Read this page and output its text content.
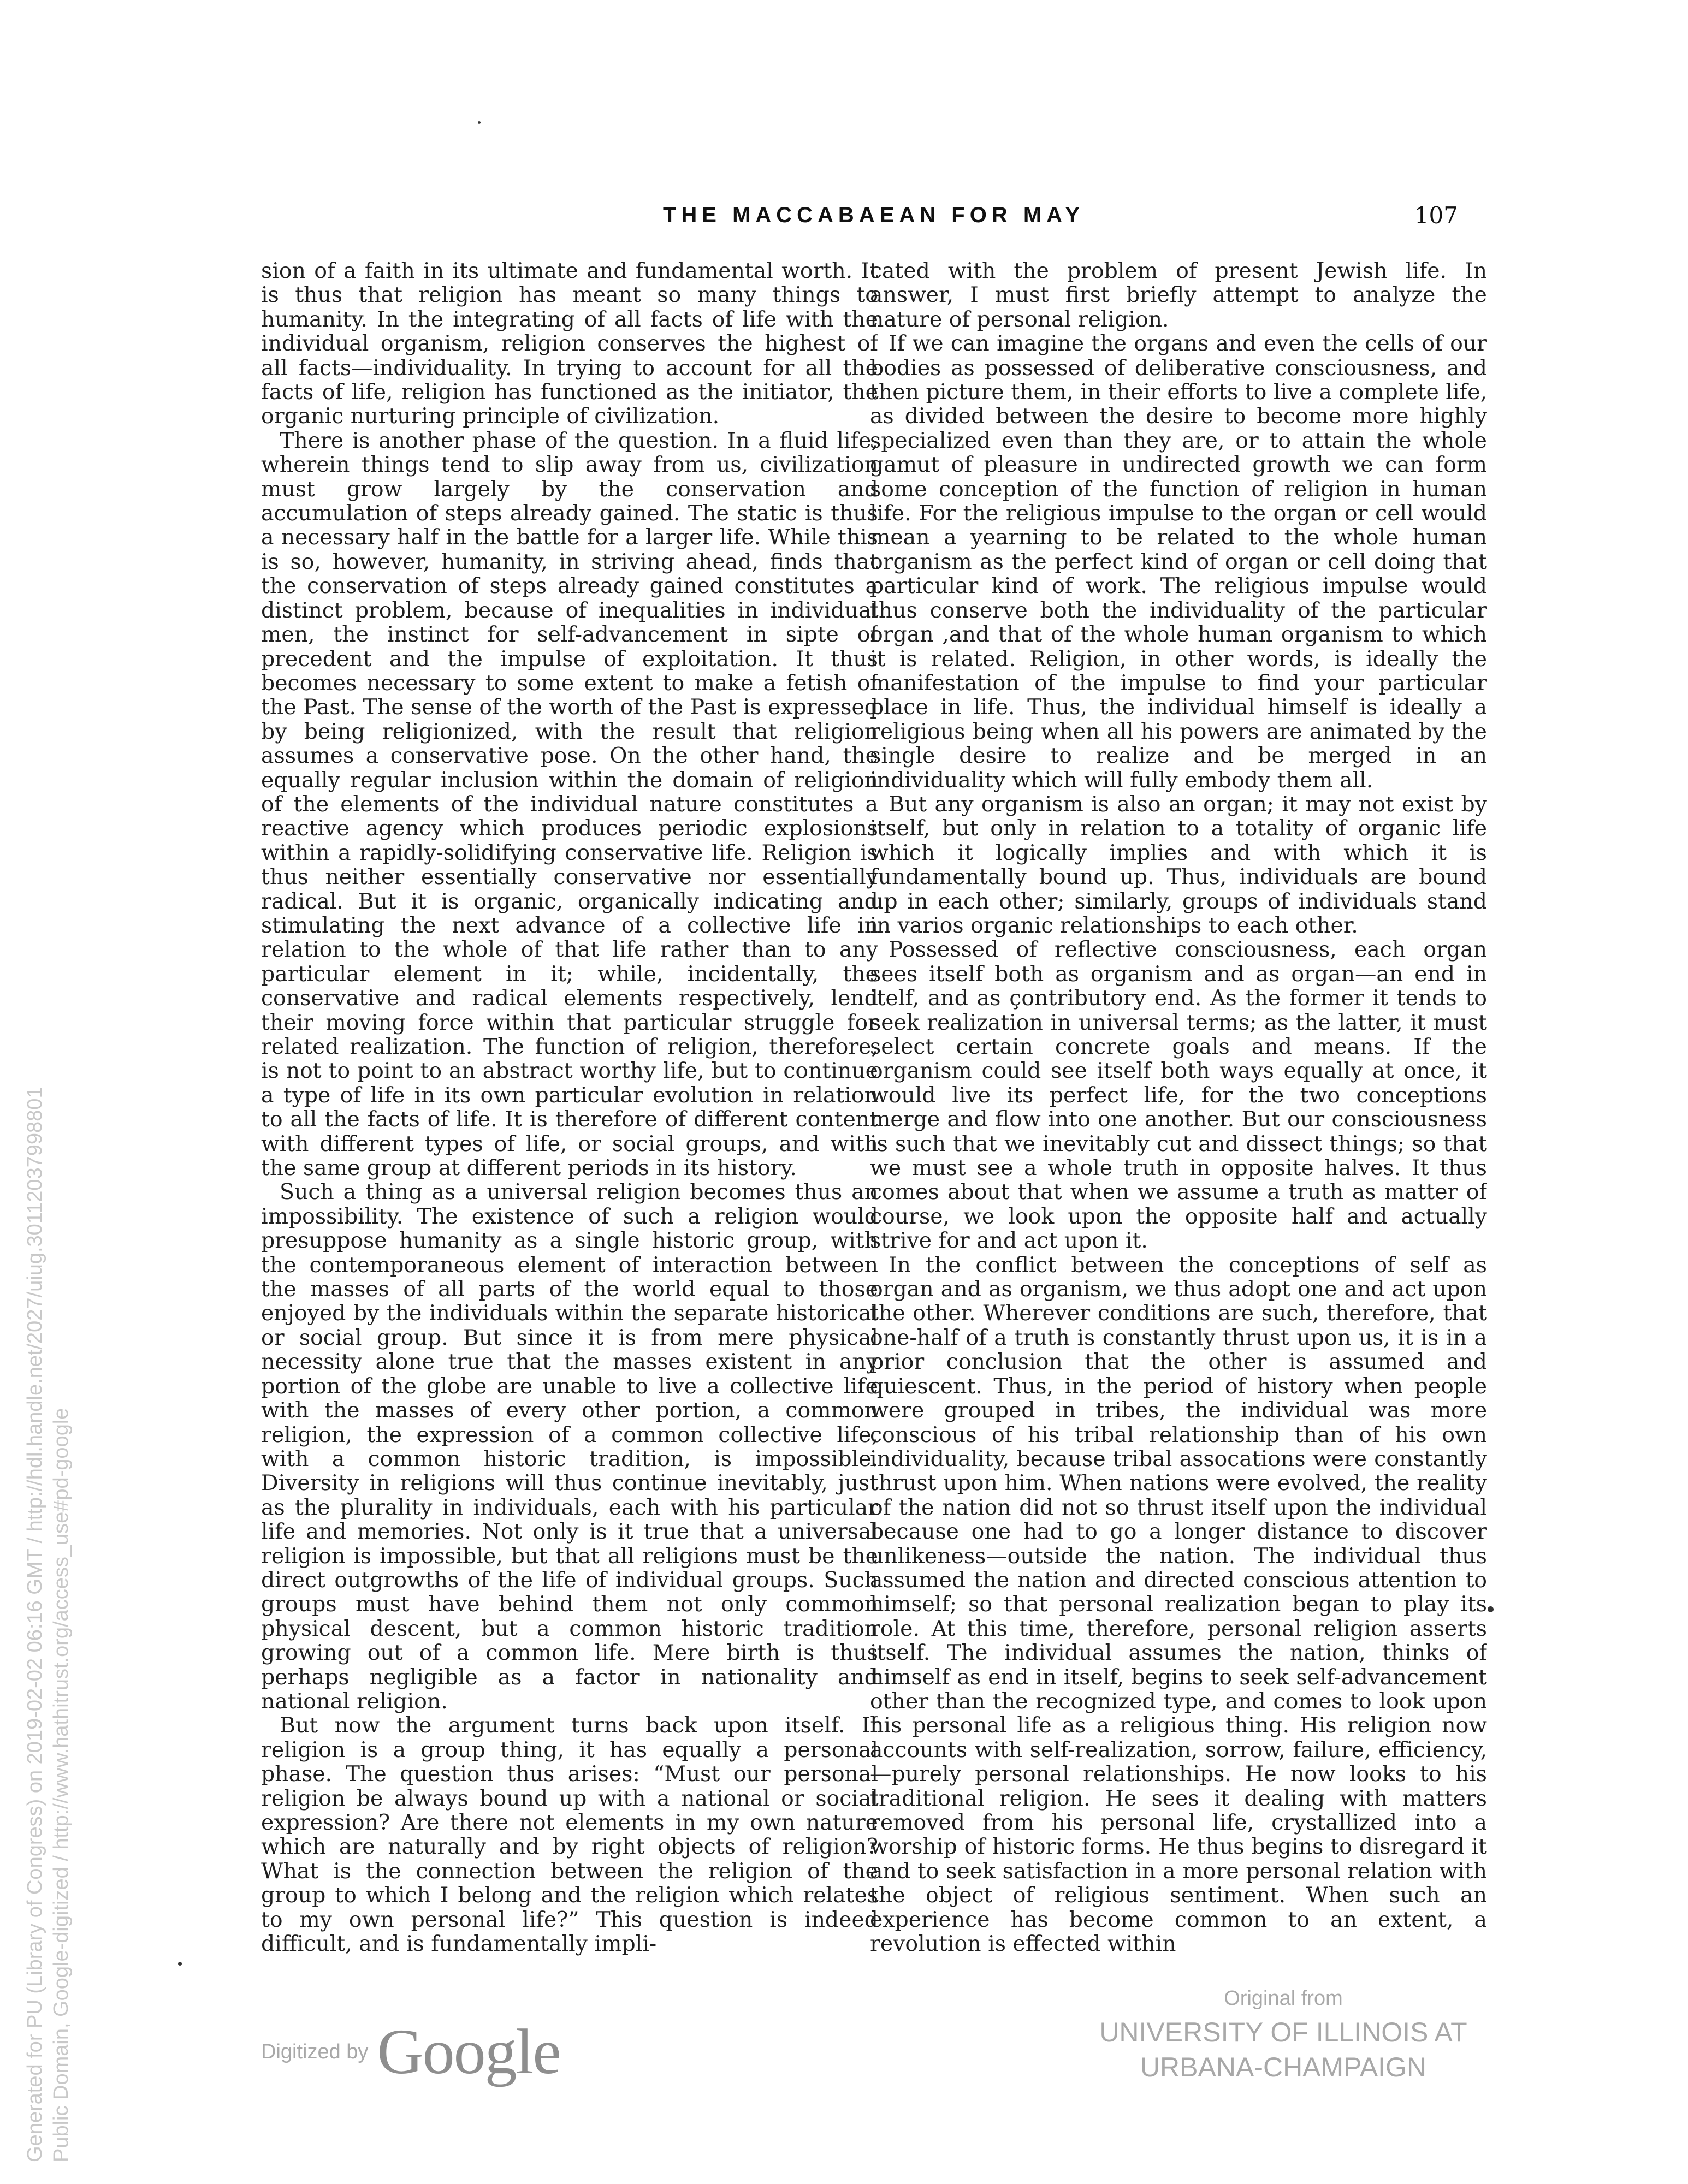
THE MACCABAEAN FOR MAY	107

sion of a faith in its ultimate and fundamental worth. It is thus that religion has meant so many things to humanity. In the integrating of all facts of life with the individual organism, religion conserves the highest of all facts—individuality. In trying to account for all the facts of life, religion has functioned as the initiator, the organic nurturing principle of civilization.

There is another phase of the question. In a fluid life, wherein things tend to slip away from us, civilization must grow largely by the conservation and accumulation of steps already gained. The static is thus a necessary half in the battle for a larger life. While this is so, however, humanity, in striving ahead, finds that the conservation of steps already gained constitutes a distinct problem, because of inequalities in individual men, the instinct for self-advancement in sipte of precedent and the impulse of exploitation. It thus becomes necessary to some extent to make a fetish of the Past. The sense of the worth of the Past is expressed by being religionized, with the result that religion assumes a conservative pose. On the other hand, the equally regular inclusion within the domain of religion of the elements of the individual nature constitutes a reactive agency which produces periodic explosions within a rapidly-solidifying conservative life. Religion is thus neither essentially conservative nor essentially radical. But it is organic, organically indicating and stimulating the next advance of a collective life in relation to the whole of that life rather than to any particular element in it; while, incidentally, the conservative and radical elements respectively, lend their moving force within that particular struggle for related realization. The function of religion, therefore, is not to point to an abstract worthy life, but to continue a type of life in its own particular evolution in relation to all the facts of life. It is therefore of different content with different types of life, or social groups, and with the same group at different periods in its history.

Such a thing as a universal religion becomes thus an impossibility. The existence of such a religion would presuppose humanity as a single historic group, with the contemporaneous element of interaction between the masses of all parts of the world equal to those enjoyed by the individuals within the separate historical or social group. But since it is from mere physical necessity alone true that the masses existent in any portion of the globe are unable to live a collective life with the masses of every other portion, a common religion, the expression of a common collective life, with a common historic tradition, is impossible. Diversity in religions will thus continue inevitably, just as the plurality in individuals, each with his particular life and memories. Not only is it true that a universal religion is impossible, but that all religions must be the direct outgrowths of the life of individual groups. Such groups must have behind them not only common physical descent, but a common historic tradition growing out of a common life. Mere birth is thus perhaps negligible as a factor in nationality and national religion.

But now the argument turns back upon itself. If religion is a group thing, it has equally a personal phase. The question thus arises: “Must our personal religion be always bound up with a national or social expression? Are there not elements in my own nature which are naturally and by right objects of religion? What is the connection between the religion of the group to which I belong and the religion which relates to my own personal life?” This question is indeed difficult, and is fundamentally impli-

cated with the problem of present Jewish life. In answer, I must first briefly attempt to analyze the nature of personal religion.

If we can imagine the organs and even the cells of our bodies as possessed of deliberative consciousness, and then picture them, in their efforts to live a complete life, as divided between the desire to become more highly specialized even than they are, or to attain the whole gamut of pleasure in undirected growth we can form some conception of the function of religion in human life. For the religious impulse to the organ or cell would mean a yearning to be related to the whole human organism as the perfect kind of organ or cell doing that particular kind of work. The religious impulse would thus conserve both the individuality of the particular organ ,and that of the whole human organism to which it is related. Religion, in other words, is ideally the manifestation of the impulse to find your particular place in life. Thus, the individual himself is ideally a religious being when all his powers are animated by the single desire to realize and be merged in an individuality which will fully embody them all.

But any organism is also an organ; it may not exist by itself, but only in relation to a totality of organic life which it logically implies and with which it is fundamentally bound up. Thus, individuals are bound up in each other; similarly, groups of individuals stand in varios organic relationships to each other.

Possessed of reflective consciousness, each organ sees itself both as organism and as organ—an end in itelf, and as çontributory end. As the former it tends to seek realization in universal terms; as the latter, it must select certain concrete goals and means. If the organism could see itself both ways equally at once, it would live its perfect life, for the two conceptions merge and flow into one another. But our consciousness is such that we inevitably cut and dissect things; so that we must see a whole truth in opposite halves. It thus comes about that when we assume a truth as matter of course, we look upon the opposite half and actually strive for and act upon it.

In the conflict between the conceptions of self as organ and as organism, we thus adopt one and act upon the other. Wherever conditions are such, therefore, that one-half of a truth is constantly thrust upon us, it is in a prior conclusion that the other is assumed and quiescent. Thus, in the period of history when people were grouped in tribes, the individual was more conscious of his tribal relationship than of his own individuality, because tribal assocations were constantly thrust upon him. When nations were evolved, the reality of the nation did not so thrust itself upon the individual because one had to go a longer distance to discover unlikeness—outside the nation. The individual thus assumed the nation and directed conscious attention to himself; so that personal realization began to play its role. At this time, therefore, personal religion asserts itself. The individual assumes the nation, thinks of himself as end in itself, begins to seek self-advancement other than the recognized type, and comes to look upon his personal life as a religious thing. His religion now accounts with self-realization, sorrow, failure, efficiency,—purely personal relationships. He now looks to his traditional religion. He sees it dealing with matters removed from his personal life, crystallized into a worship of historic forms. He thus begins to disregard it and to seek satisfaction in a more personal relation with the object of religious sentiment. When such an experience has become common to an extent, a revolution is effected within

Generated for PU (Library of Congress) on 2019-02-02 06:16 GMT / http://hdl.handle.net/2027/uiug.30112037998801 Public Domain, Google-digitized / http://www.hathitrust.org/access_use#pd-google	Digitized by Google
Original from
UNIVERSITY OF ILLINOIS AT
URBANA-CHAMPAIGN
